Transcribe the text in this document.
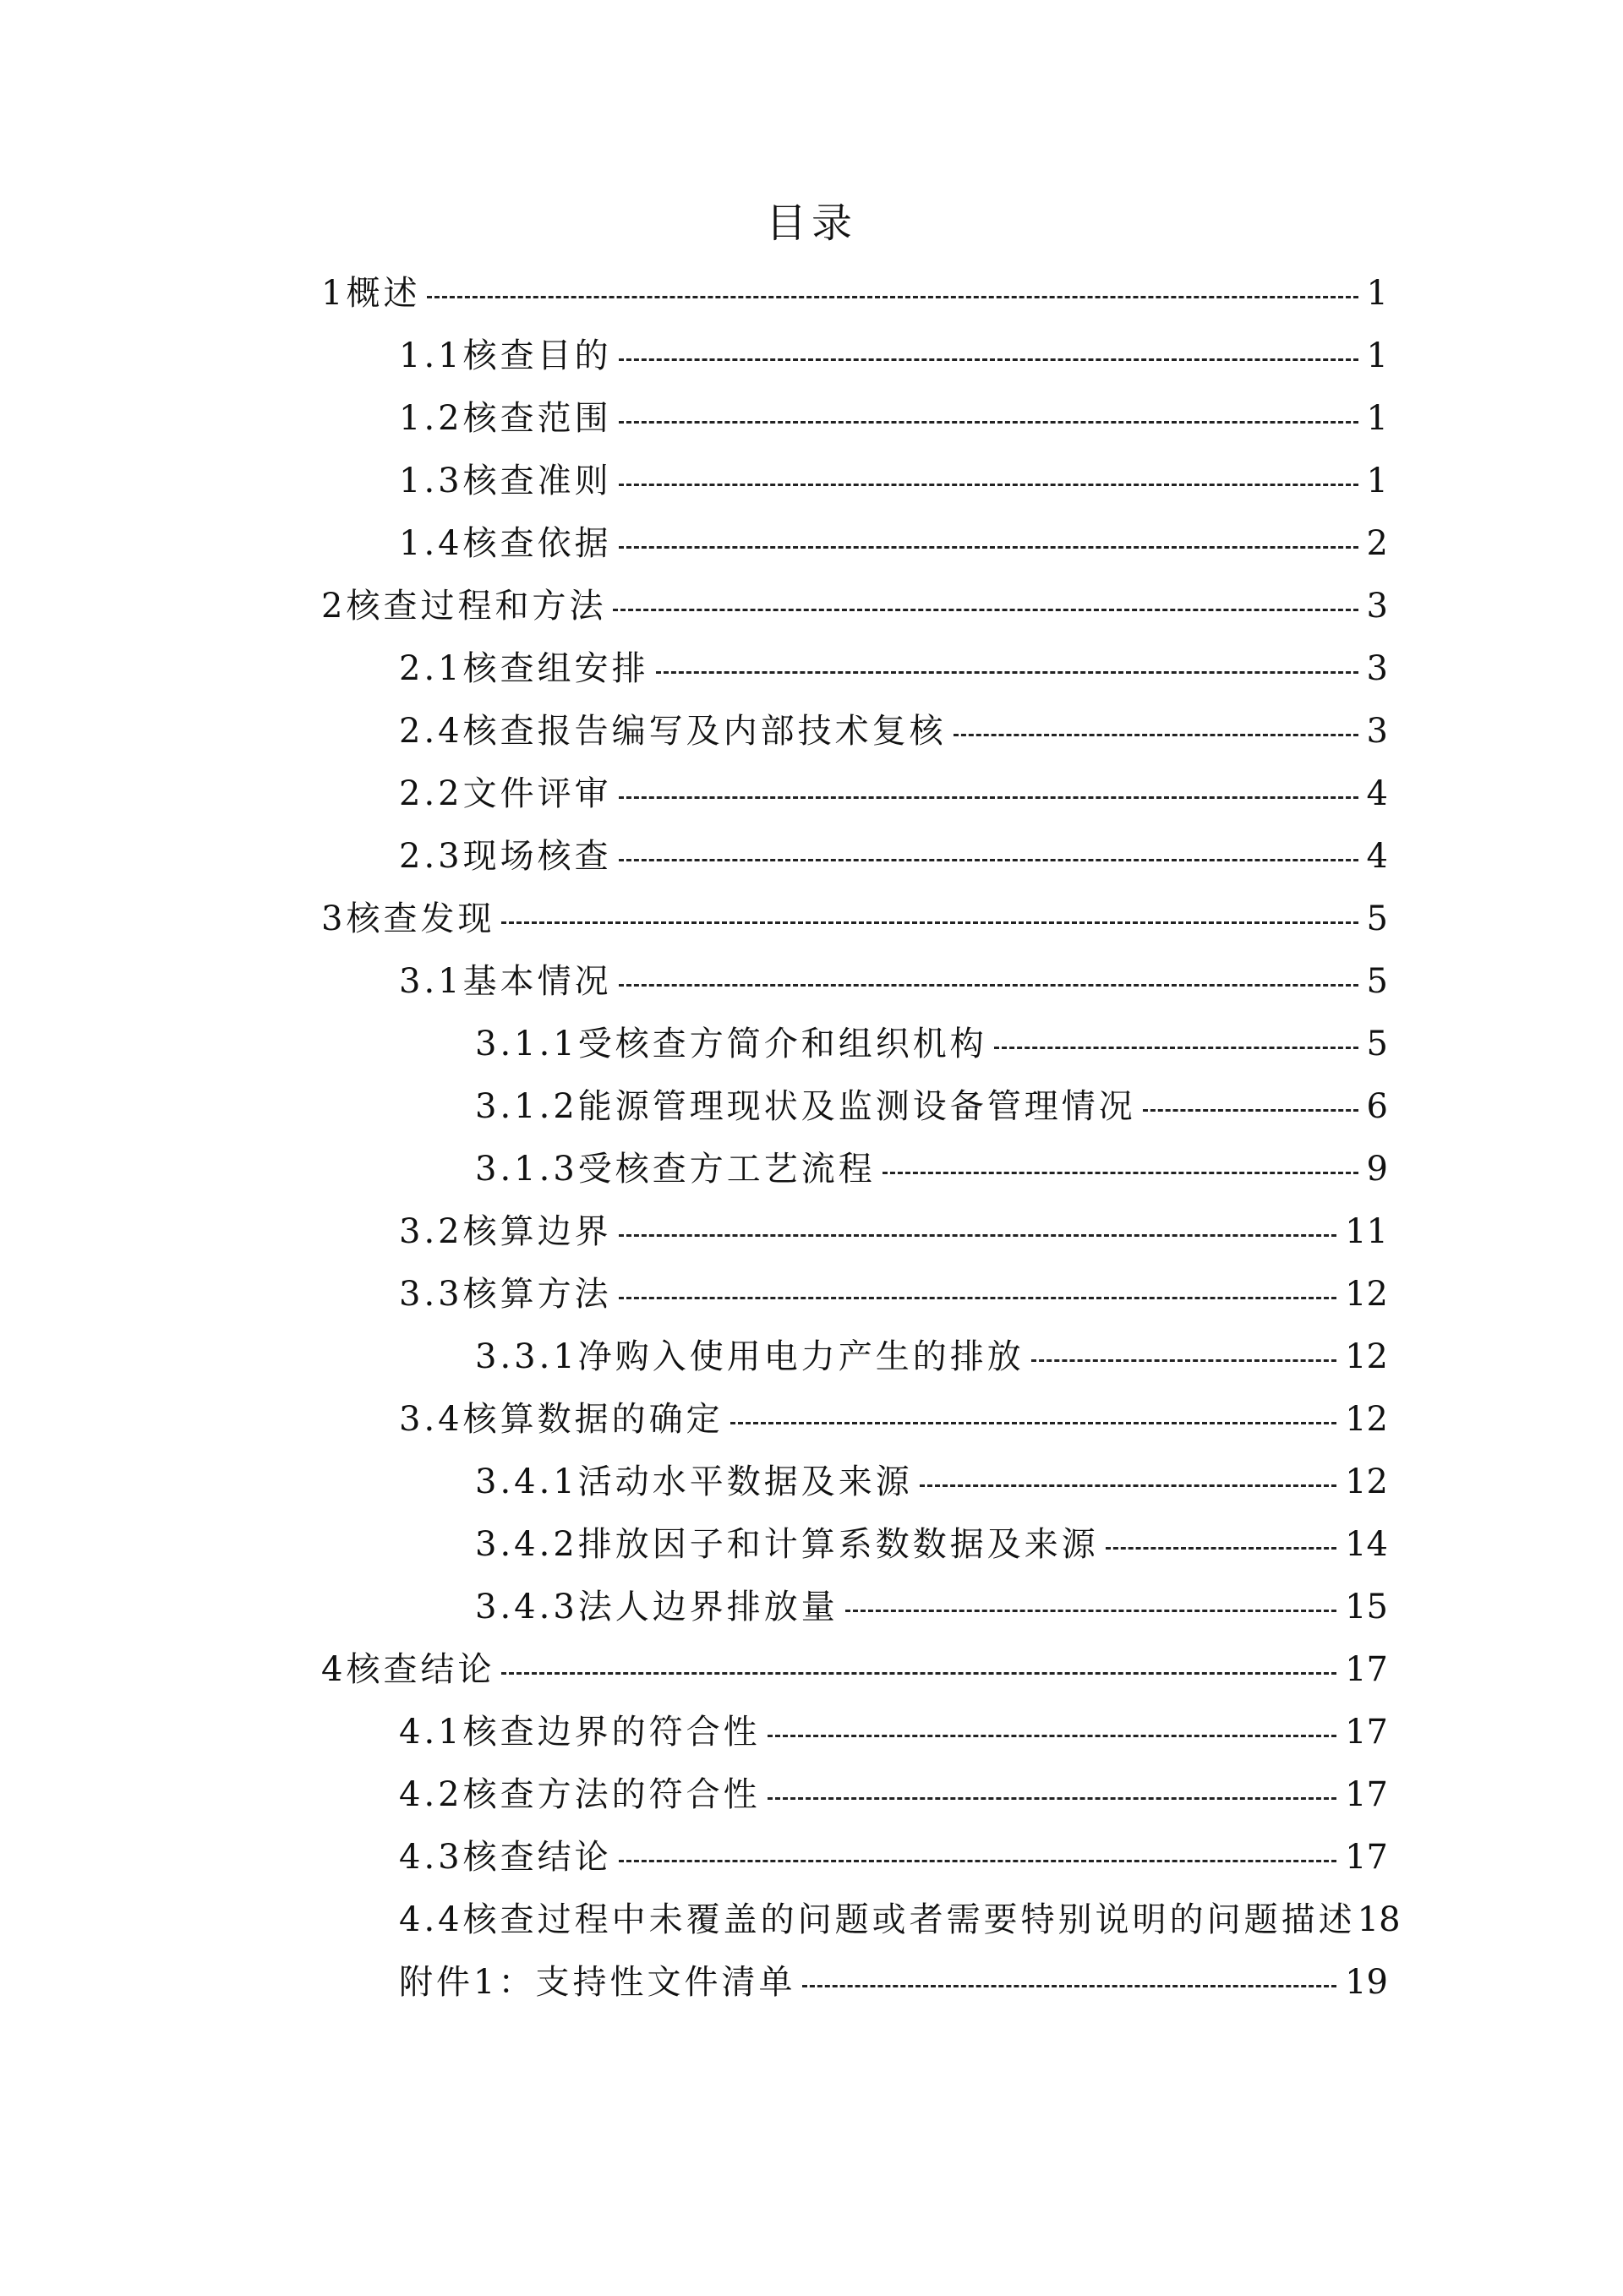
目录
1概述	1
1.1核查目的	1
1.2核查范围	1
1.3核查准则	1
1.4核查依据	2
2核查过程和方法	3
2.1核查组安排	3
2.4核查报告编写及内部技术复核	3
2.2文件评审	4
2.3现场核查	4
3核查发现	5
3.1基本情况	5
3.1.1受核查方简介和组织机构	5
3.1.2能源管理现状及监测设备管理情况	6
3.1.3受核查方工艺流程	9
3.2核算边界	11
3.3核算方法	12
3.3.1净购入使用电力产生的排放	12
3.4核算数据的确定	12
3.4.1活动水平数据及来源	12
3.4.2排放因子和计算系数数据及来源	14
3.4.3法人边界排放量	15
4核查结论	17
4.1核查边界的符合性	17
4.2核查方法的符合性	17
4.3核查结论	17
4.4核查过程中未覆盖的问题或者需要特别说明的问题描述 18
附件1：支持性文件清单	19
